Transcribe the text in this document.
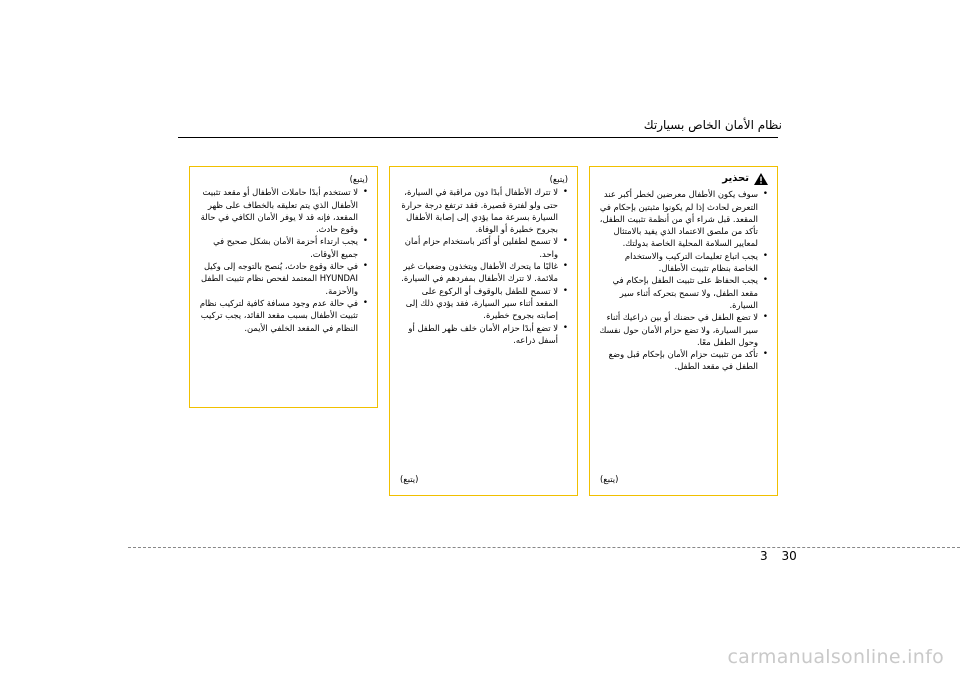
نظام الأمان الخاص بسيارتك
تحذير
• سوف يكون الأطفال معرضين لخطر أكبر عند التعرض لحادث إذا لم يكونوا مثبتين بإحكام في المقعد. قبل شراء أي من أنظمة تثبيت الطفل، تأكد من ملصق الاعتماد الذي يفيد بالامتثال لمعايير السلامة المحلية الخاصة بدولتك.
• يجب اتباع تعليمات التركيب والاستخدام الخاصة بنظام تثبيت الأطفال.
• يجب الحفاظ على تثبيت الطفل بإحكام في مقعد الطفل، ولا تسمح بتحركه أثناء سير السيارة.
• لا تضع الطفل في حضنك أو بين ذراعيك أثناء سير السيارة، ولا تضع حزام الأمان حول نفسك وحول الطفل معًا.
• تأكد من تثبيت حزام الأمان بإحكام قبل وضع الطفل في مقعد الطفل.
(يتبع)
(يتبع)
• لا تترك الأطفال أبدًا دون مراقبة في السيارة، حتى ولو لفترة قصيرة. فقد ترتفع درجة حرارة السيارة بسرعة مما يؤدي إلى إصابة الأطفال بجروح خطيرة أو الوفاة.
• لا تسمح لطفلين أو أكثر باستخدام حزام أمان واحد.
• غالبًا ما يتحرك الأطفال ويتخذون وضعيات غير ملائمة. لا تترك الأطفال بمفردهم في السيارة.
• لا تسمح للطفل بالوقوف أو الركوع على المقعد أثناء سير السيارة، فقد يؤدي ذلك إلى إصابته بجروح خطيرة.
• لا تضع أبدًا حزام الأمان خلف ظهر الطفل أو أسفل ذراعه.
(يتبع)
(يتبع)
• لا تستخدم أبدًا حاملات الأطفال أو مقعد تثبيت الأطفال الذي يتم تعليقه بالخطاف على ظهر المقعد، فإنه قد لا يوفر الأمان الكافي في حالة وقوع حادث.
• يجب ارتداء أحزمة الأمان بشكل صحيح في جميع الأوقات.
• في حالة وقوع حادث، يُنصح بالتوجه إلى وكيل HYUNDAI المعتمد لفحص نظام تثبيت الطفل والأحزمة.
• في حالة عدم وجود مسافة كافية لتركيب نظام تثبيت الأطفال بسبب مقعد القائد، يجب تركيب النظام في المقعد الخلفي الأيمن.
3 30
carmanualsonline.info
